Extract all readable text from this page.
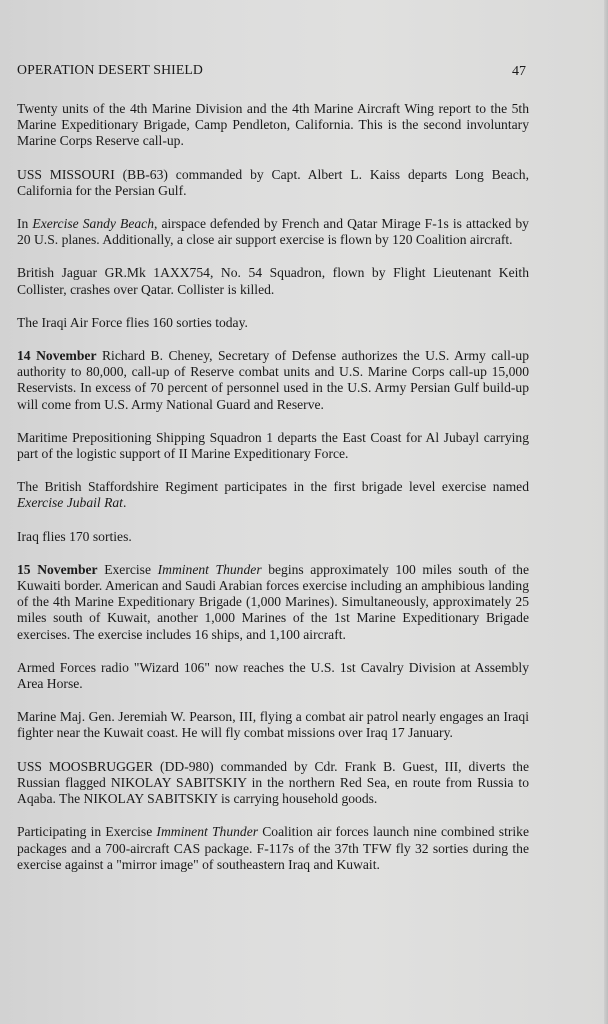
OPERATION DESERT SHIELD	47

Twenty units of the 4th Marine Division and the 4th Marine Aircraft Wing report to the 5th Marine Expeditionary Brigade, Camp Pendleton, California. This is the second involuntary Marine Corps Reserve call-up.

USS MISSOURI (BB-63) commanded by Capt. Albert L. Kaiss departs Long Beach, California for the Persian Gulf.

In Exercise Sandy Beach, airspace defended by French and Qatar Mirage F-1s is attacked by 20 U.S. planes. Additionally, a close air support exercise is flown by 120 Coalition aircraft.

British Jaguar GR.Mk 1AXX754, No. 54 Squadron, flown by Flight Lieutenant Keith Collister, crashes over Qatar. Collister is killed.

The Iraqi Air Force flies 160 sorties today.

14 November Richard B. Cheney, Secretary of Defense authorizes the U.S. Army call-up authority to 80,000, call-up of Reserve combat units and U.S. Marine Corps call-up 15,000 Reservists. In excess of 70 percent of personnel used in the U.S. Army Persian Gulf build-up will come from U.S. Army National Guard and Reserve.

Maritime Prepositioning Shipping Squadron 1 departs the East Coast for Al Jubayl carrying part of the logistic support of II Marine Expeditionary Force.

The British Staffordshire Regiment participates in the first brigade level exercise named Exercise Jubail Rat.

Iraq flies 170 sorties.

15 November Exercise Imminent Thunder begins approximately 100 miles south of the Kuwaiti border. American and Saudi Arabian forces exercise including an amphibious landing of the 4th Marine Expeditionary Brigade (1,000 Marines). Simultaneously, approximately 25 miles south of Kuwait, another 1,000 Marines of the 1st Marine Expeditionary Brigade exercises. The exercise includes 16 ships, and 1,100 aircraft.

Armed Forces radio "Wizard 106" now reaches the U.S. 1st Cavalry Division at Assembly Area Horse.

Marine Maj. Gen. Jeremiah W. Pearson, III, flying a combat air patrol nearly engages an Iraqi fighter near the Kuwait coast. He will fly combat missions over Iraq 17 January.

USS MOOSBRUGGER (DD-980) commanded by Cdr. Frank B. Guest, III, diverts the Russian flagged NIKOLAY SABITSKIY in the northern Red Sea, en route from Russia to Aqaba. The NIKOLAY SABITSKIY is carrying household goods.

Participating in Exercise Imminent Thunder Coalition air forces launch nine combined strike packages and a 700-aircraft CAS package. F-117s of the 37th TFW fly 32 sorties during the exercise against a "mirror image" of southeastern Iraq and Kuwait.
